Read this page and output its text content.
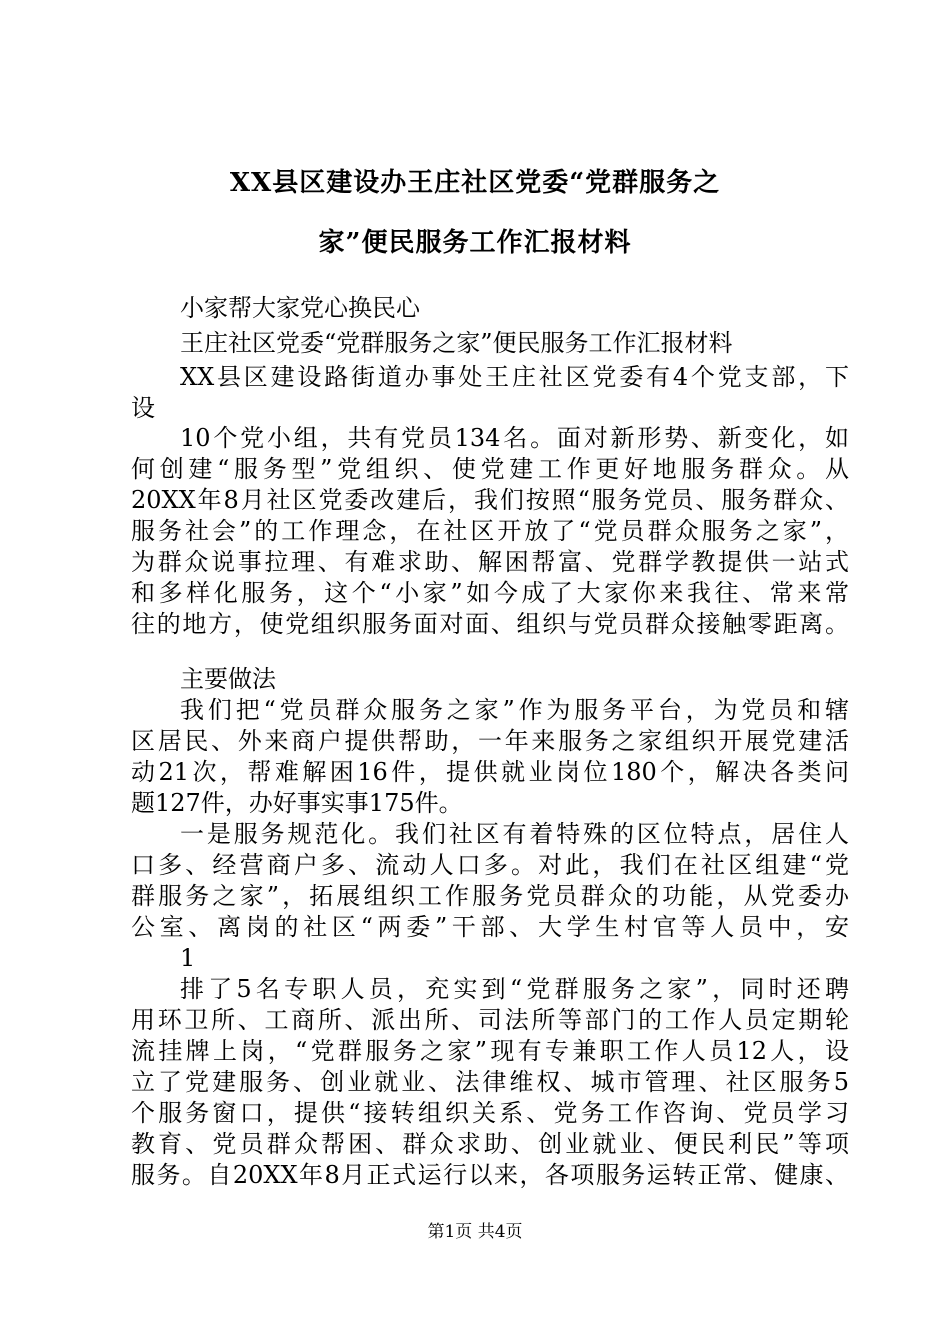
XX县区建设办王庄社区党委“党群服务之
家”便民服务工作汇报材料
小家帮大家党心换民心
王庄社区党委“党群服务之家”便民服务工作汇报材料
XX县区建设路街道办事处王庄社区党委有4个党支部，下
设
10个党小组，共有党员134名。面对新形势、新变化，如
何创建“服务型”党组织、使党建工作更好地服务群众。从
20XX年8月社区党委改建后，我们按照“服务党员、服务群众、
服务社会”的工作理念，在社区开放了“党员群众服务之家”，
为群众说事拉理、有难求助、解困帮富、党群学教提供一站式
和多样化服务，这个“小家”如今成了大家你来我往、常来常
往的地方，使党组织服务面对面、组织与党员群众接触零距离。
主要做法
我们把“党员群众服务之家”作为服务平台，为党员和辖
区居民、外来商户提供帮助，一年来服务之家组织开展党建活
动21次，帮难解困16件，提供就业岗位180个，解决各类问
题127件，办好事实事175件。
一是服务规范化。我们社区有着特殊的区位特点，居住人
口多、经营商户多、流动人口多。对此，我们在社区组建“党
群服务之家”，拓展组织工作服务党员群众的功能，从党委办
公室、离岗的社区“两委”干部、大学生村官等人员中，安
1
排了5名专职人员，充实到“党群服务之家”，同时还聘
用环卫所、工商所、派出所、司法所等部门的工作人员定期轮
流挂牌上岗，“党群服务之家”现有专兼职工作人员12人，设
立了党建服务、创业就业、法律维权、城市管理、社区服务5
个服务窗口，提供“接转组织关系、党务工作咨询、党员学习
教育、党员群众帮困、群众求助、创业就业、便民利民”等项
服务。自20XX年8月正式运行以来，各项服务运转正常、健康、
第1页 共4页
